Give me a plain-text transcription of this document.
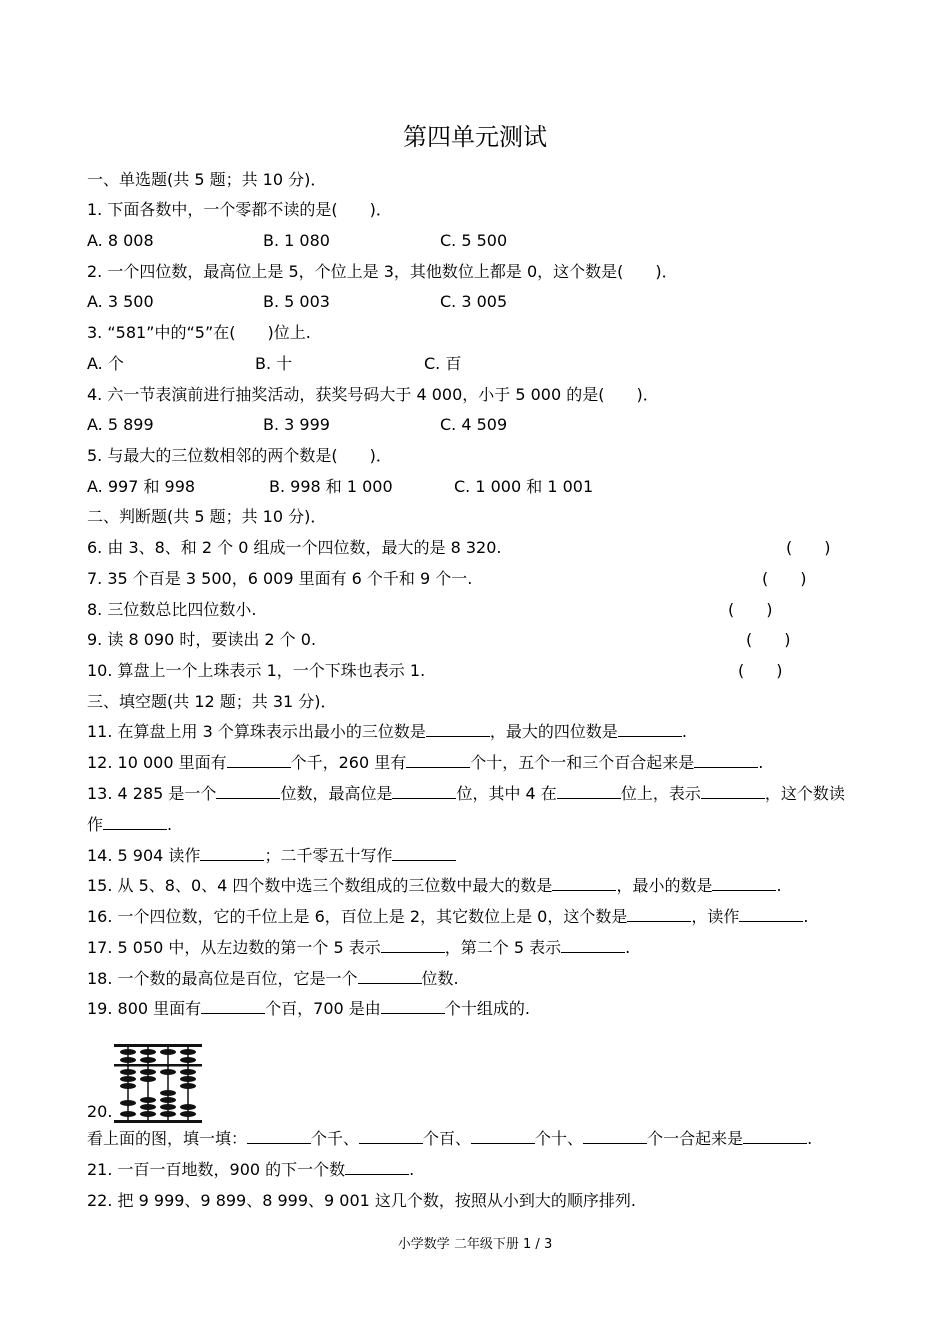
第四单元测试
一、单选题(共 5 题；共 10 分)．
1. 下面各数中，一个零都不读的是(　　)．
A. 8 008	B. 1 080	C. 5 500
2. 一个四位数，最高位上是 5，个位上是 3，其他数位上都是 0，这个数是(　　)．
A. 3 500	B. 5 003	C. 3 005
3. “581”中的“5”在(　　)位上.
A. 个	B. 十	C. 百
4. 六一节表演前进行抽奖活动，获奖号码大于 4 000，小于 5 000 的是(　　)．
A. 5 899	B. 3 999	C. 4 509
5. 与最大的三位数相邻的两个数是(　　)．
A. 997 和 998	B. 998 和 1 000	C. 1 000 和 1 001
二、判断题(共 5 题；共 10 分)．
6. 由 3、8、和 2 个 0 组成一个四位数，最大的是 8 320.	(　　)
7. 35 个百是 3 500，6 009 里面有 6 个千和 9 个一.	(　　)
8. 三位数总比四位数小.	(　　)
9. 读 8 090 时，要读出 2 个 0.	(　　)
10. 算盘上一个上珠表示 1，一个下珠也表示 1.	(　　)
三、填空题(共 12 题；共 31 分)．
11. 在算盘上用 3 个算珠表示出最小的三位数是	，最大的四位数是	.
12. 10 000 里面有	个千，260 里有	个十，五个一和三个百合起来是	.
13. 4 285 是一个	位数，最高位是	位，其中 4 在	位上，表示	，这个数读
作	.
14. 5 904 读作	；二千零五十写作
15. 从 5、8、0、4 四个数中选三个数组成的三位数中最大的数是	，最小的数是	.
16. 一个四位数，它的千位上是 6，百位上是 2，其它数位上是 0，这个数是	，读作	.
17. 5 050 中，从左边数的第一个 5 表示	，第二个 5 表示	.
18. 一个数的最高位是百位，它是一个	位数.
19. 800 里面有	个百，700 是由	个十组成的.
20.
看上面的图，填一填：	个千、	个百、	个十、	个一合起来是	.
21. 一百一百地数，900 的下一个数	.
22. 把 9 999、9 899、8 999、9 001 这几个数，按照从小到大的顺序排列.
小学数学 二年级下册 1 / 3
